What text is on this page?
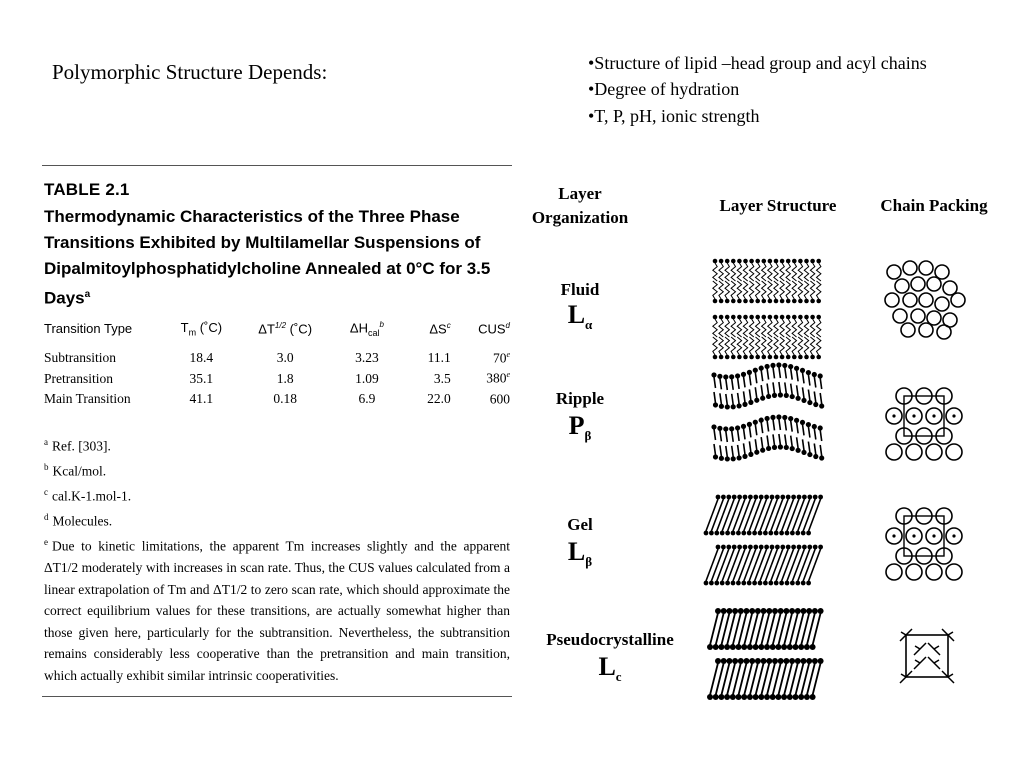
Polymorphic Structure Depends:	•Structure of lipid –head group and acyl chains
•Degree of hydration
•T, P, pH, ionic strength
TABLE 2.1
Thermodynamic Characteristics of the Three Phase Transitions Exhibited by Multilamellar Suspensions of Dipalmitoylphosphatidylcholine Annealed at 0°C for 3.5 Days$^a$
Transition Type	$T_m$ (˚C)	$\Delta T^{1/2}$ (˚C)	$\Delta H_{cal}^b$	$\Delta S^c$	CUS$^d$
Subtransition	18.4	3.0	3.23	11.1	70e
Pretransition	35.1	1.8	1.09	3.5	380e
Main Transition	41.1	0.18	6.9	22.0	600
$^a$ Ref. [303].
$^b$ Kcal/mol.
$^c$ cal.K-1.mol-1.
$^d$ Molecules.
$^e$ Due to kinetic limitations, the apparent Tm increases slightly and the apparent ΔT1/2 moderately with increases in scan rate. Thus, the CUS values calculated from a linear extrapolation of Tm and ΔT1/2 to zero scan rate, which should approximate the correct equilibrium values for these transitions, are actually somewhat higher than those given here, particularly for the subtransition. Nevertheless, the subtransition remains considerably less cooperative than the pretransition and main transition, which actually exhibit similar intrinsic cooperativities.
Layer Organization
Layer Structure	Chain Packing
Fluid
$L_\alpha$
Ripple
$P_\beta$
Gel
$L_\beta$
Pseudocrystalline
$L_c$
